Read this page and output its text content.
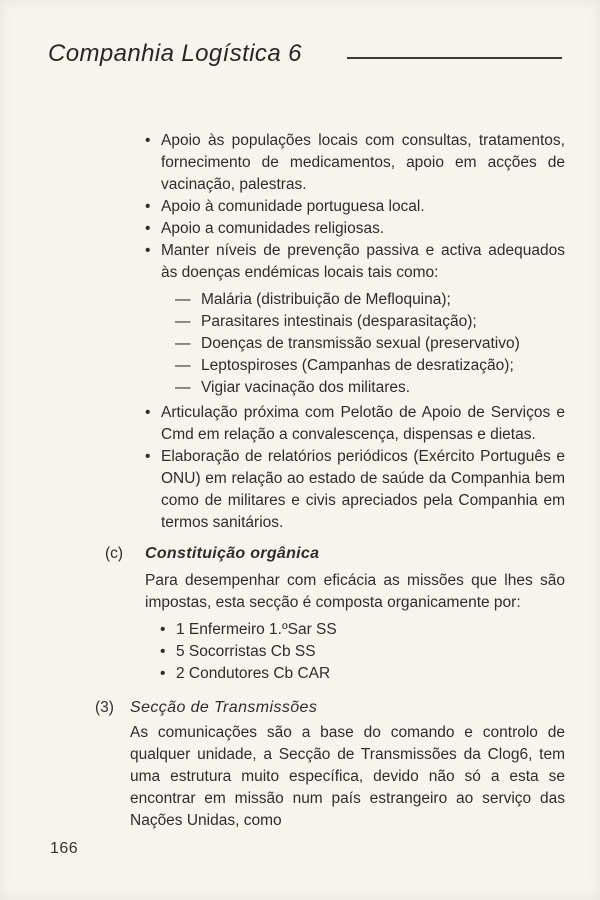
Companhia Logística 6
• Apoio às populações locais com consultas, tratamentos, fornecimento de medicamentos, apoio em acções de vacinação, palestras.
• Apoio à comunidade portuguesa local.
• Apoio a comunidades religiosas.
• Manter níveis de prevenção passiva e activa adequados às doenças endémicas locais tais como:
— Malária (distribuição de Mefloquina);
— Parasitares intestinais (desparasitação);
— Doenças de transmissão sexual (preservativo)
— Leptospiroses (Campanhas de desratização);
— Vigiar vacinação dos militares.
• Articulação próxima com Pelotão de Apoio de Serviços e Cmd em relação a convalescença, dispensas e dietas.
• Elaboração de relatórios periódicos (Exército Português e ONU) em relação ao estado de saúde da Companhia bem como de militares e civis apreciados pela Companhia em termos sanitários.
(c)	Constituição orgânica

Para desempenhar com eficácia as missões que lhes são impostas, esta secção é composta organicamente por:

• 1 Enfermeiro 1.ºSar SS
• 5 Socorristas Cb SS
• 2 Condutores Cb CAR
(3)	Secção de Transmissões

As comunicações são a base do comando e controlo de qualquer unidade, a Secção de Transmissões da Clog6, tem uma estrutura muito específica, devido não só a esta se encontrar em missão num país estrangeiro ao serviço das Nações Unidas, como

166
